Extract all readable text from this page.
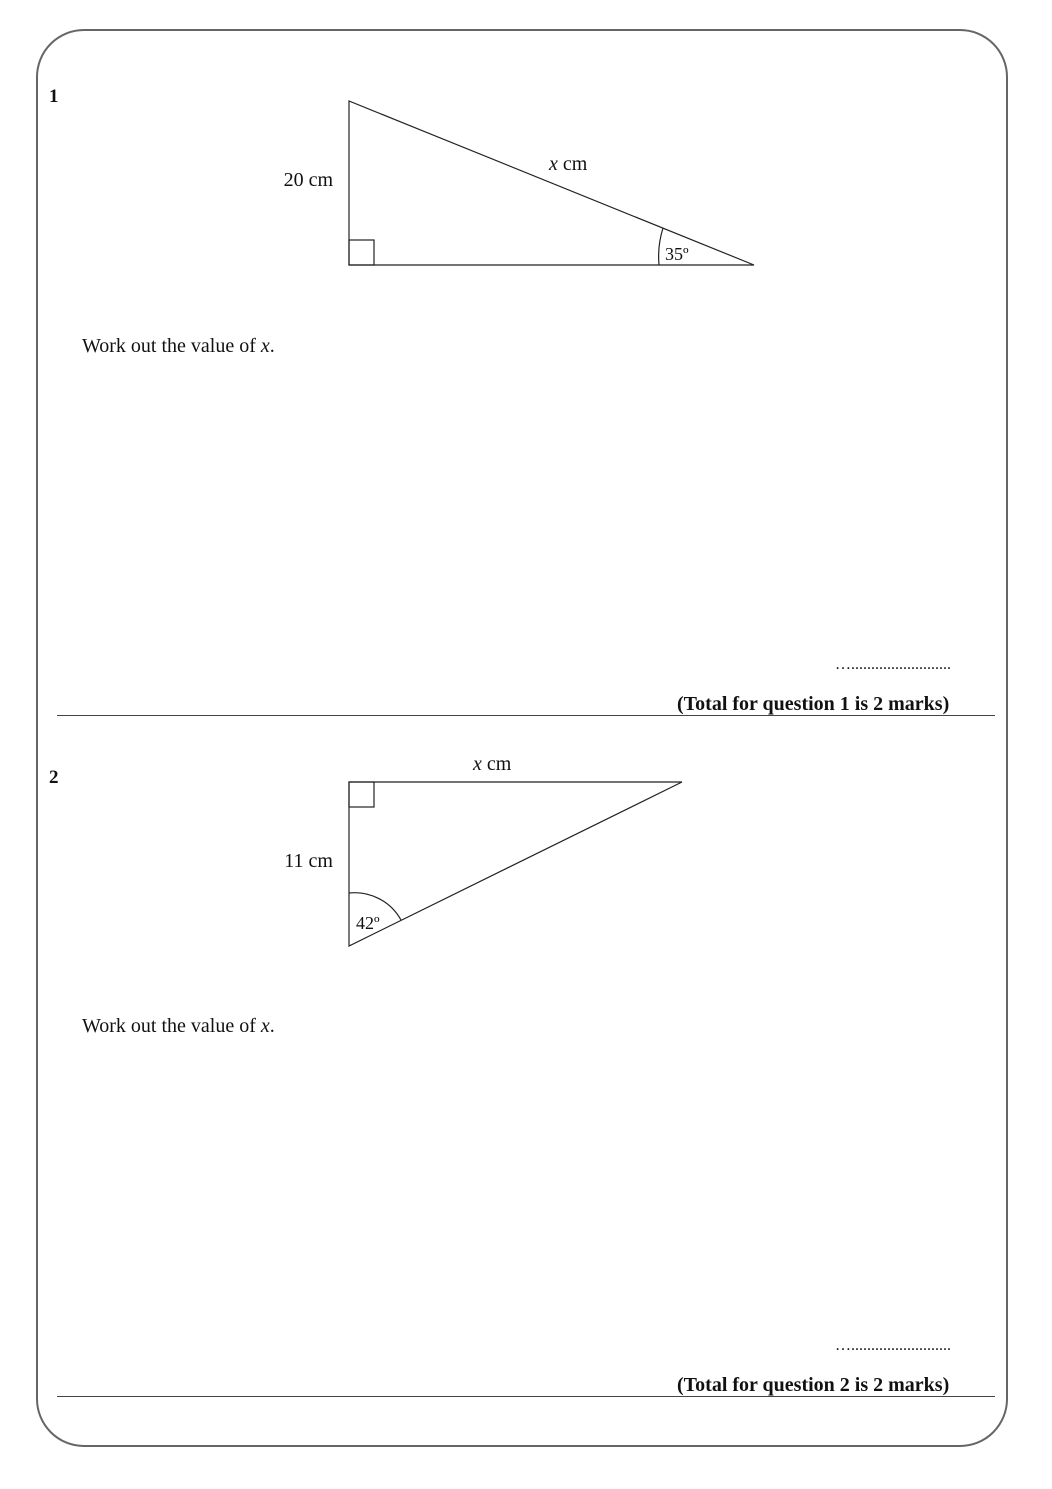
1
20 cm
x cm
35º
x cm
11 cm
42º
Work out the value of x.
….........................
(Total for question 1 is 2 marks)
2
Work out the value of x.
….........................
(Total for question 2 is 2 marks)
